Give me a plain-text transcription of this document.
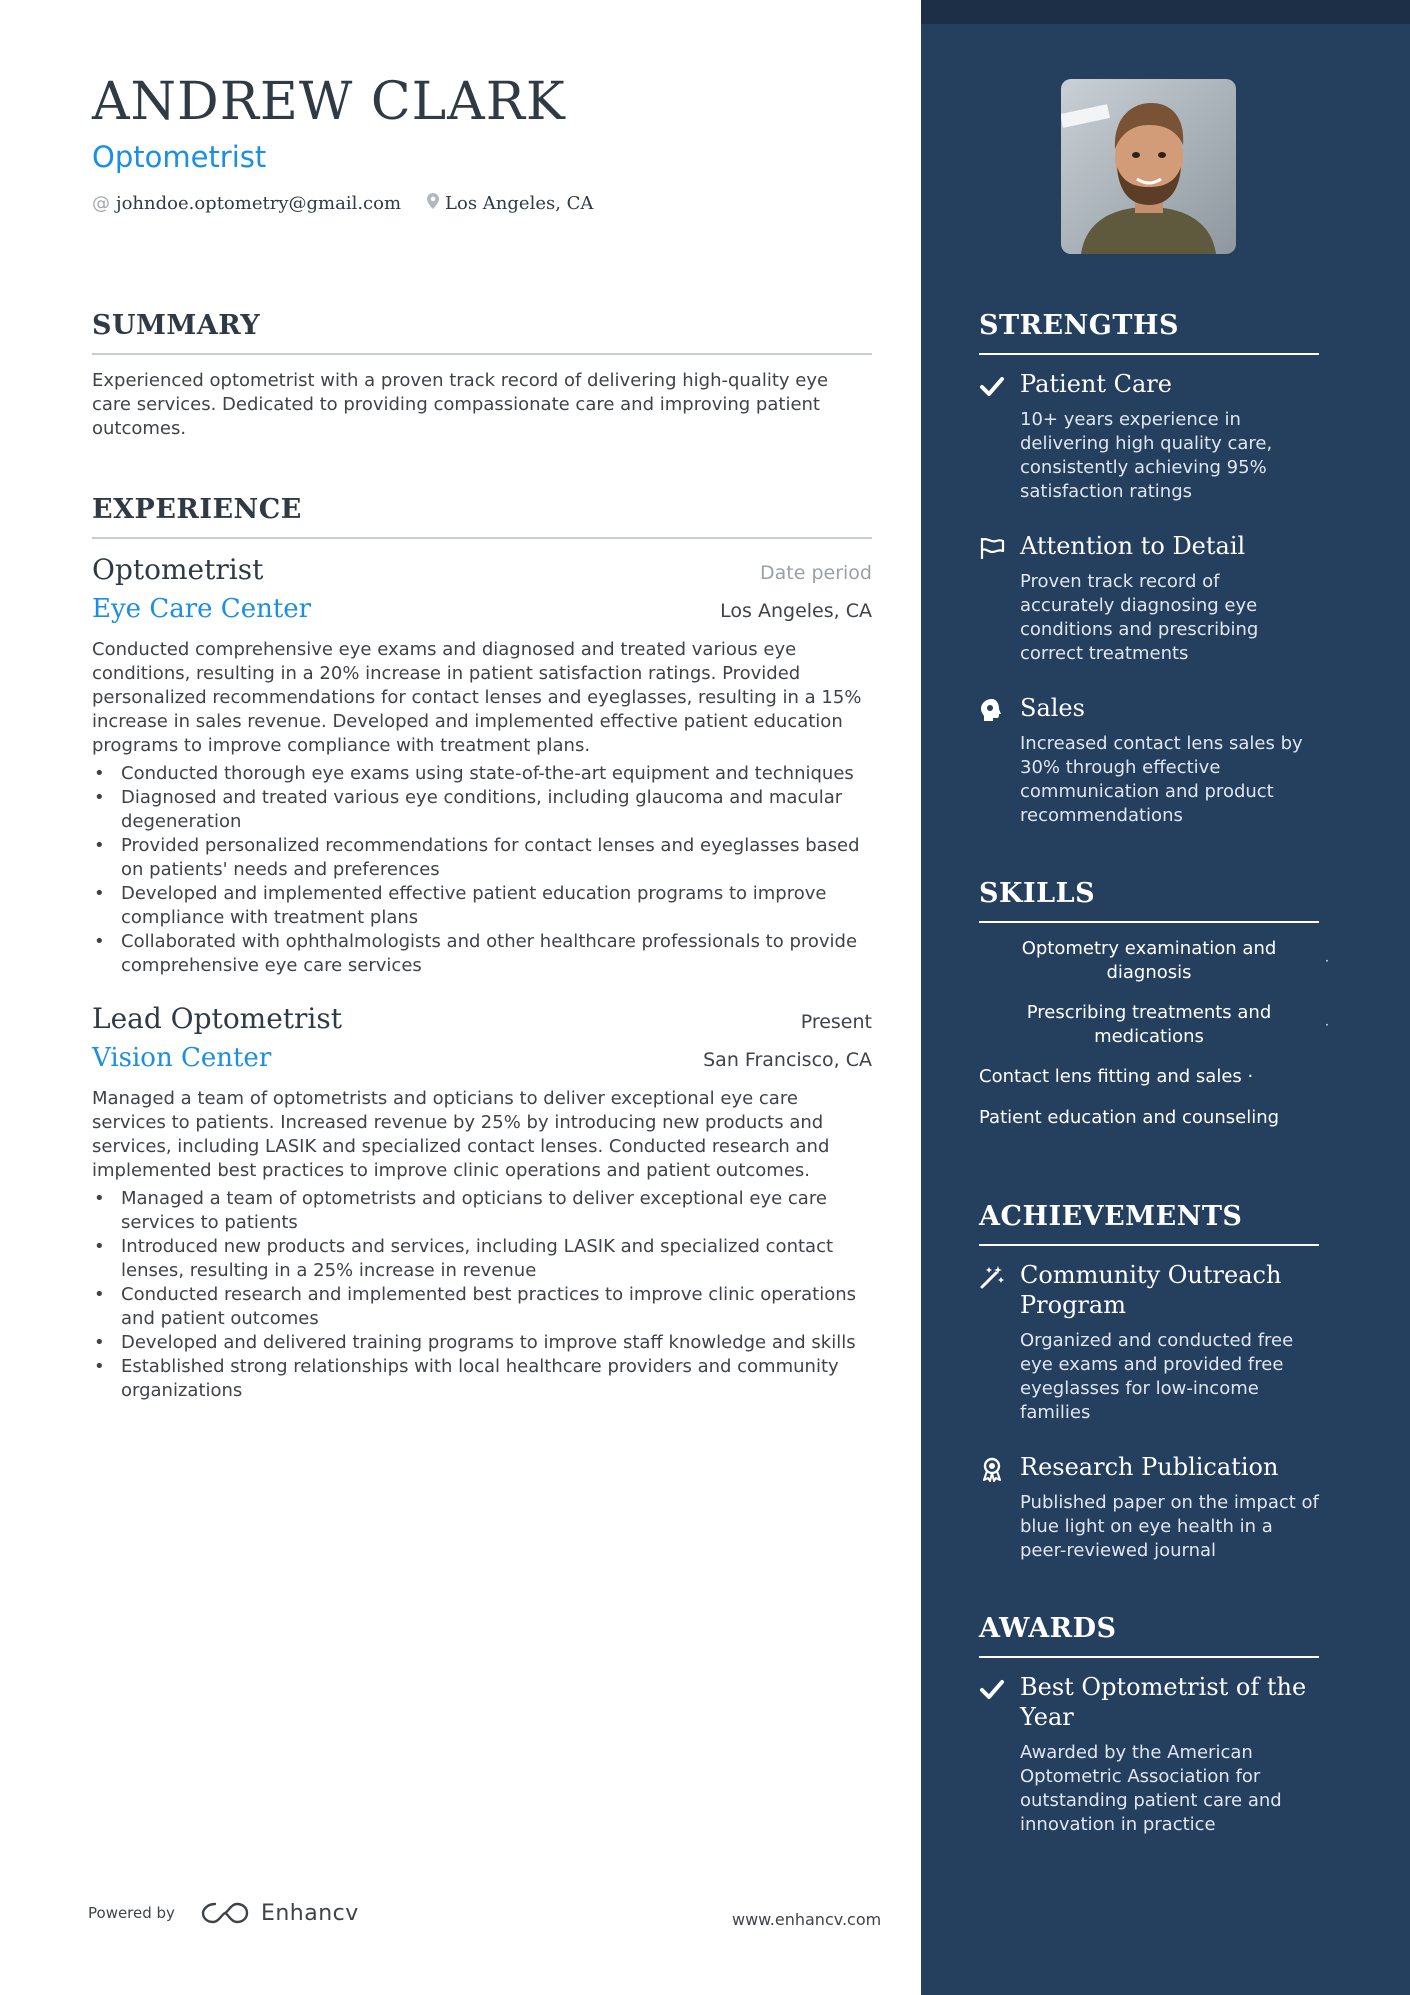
ANDREW CLARK
Optometrist
@ johndoe.optometry@gmail.com Los Angeles, CA
SUMMARY
Experienced optometrist with a proven track record of delivering high-quality eye care services. Dedicated to providing compassionate care and improving patient outcomes.
EXPERIENCE
Optometrist	Date period
Eye Care Center	Los Angeles, CA
Conducted comprehensive eye exams and diagnosed and treated various eye conditions, resulting in a 20% increase in patient satisfaction ratings. Provided personalized recommendations for contact lenses and eyeglasses, resulting in a 15% increase in sales revenue. Developed and implemented effective patient education programs to improve compliance with treatment plans.
• Conducted thorough eye exams using state-of-the-art equipment and techniques
• Diagnosed and treated various eye conditions, including glaucoma and macular degeneration
• Provided personalized recommendations for contact lenses and eyeglasses based on patients' needs and preferences
• Developed and implemented effective patient education programs to improve compliance with treatment plans
• Collaborated with ophthalmologists and other healthcare professionals to provide comprehensive eye care services
Lead Optometrist	Present
Vision Center	San Francisco, CA
Managed a team of optometrists and opticians to deliver exceptional eye care services to patients. Increased revenue by 25% by introducing new products and services, including LASIK and specialized contact lenses. Conducted research and implemented best practices to improve clinic operations and patient outcomes.
• Managed a team of optometrists and opticians to deliver exceptional eye care services to patients
• Introduced new products and services, including LASIK and specialized contact lenses, resulting in a 25% increase in revenue
• Conducted research and implemented best practices to improve clinic operations and patient outcomes
• Developed and delivered training programs to improve staff knowledge and skills
• Established strong relationships with local healthcare providers and community organizations
Powered by	Enhancv	www.enhancv.com
STRENGTHS
Patient Care
10+ years experience in delivering high quality care, consistently achieving 95% satisfaction ratings
Attention to Detail
Proven track record of accurately diagnosing eye conditions and prescribing correct treatments
Sales
Increased contact lens sales by 30% through effective communication and product recommendations
SKILLS
Optometry examination and diagnosis
·
Prescribing treatments and medications
·
Contact lens fitting and sales ·
Patient education and counseling
ACHIEVEMENTS
Community Outreach Program
Organized and conducted free eye exams and provided free eyeglasses for low-income families
Research Publication
Published paper on the impact of blue light on eye health in a peer-reviewed journal
AWARDS
Best Optometrist of the Year
Awarded by the American Optometric Association for outstanding patient care and innovation in practice
